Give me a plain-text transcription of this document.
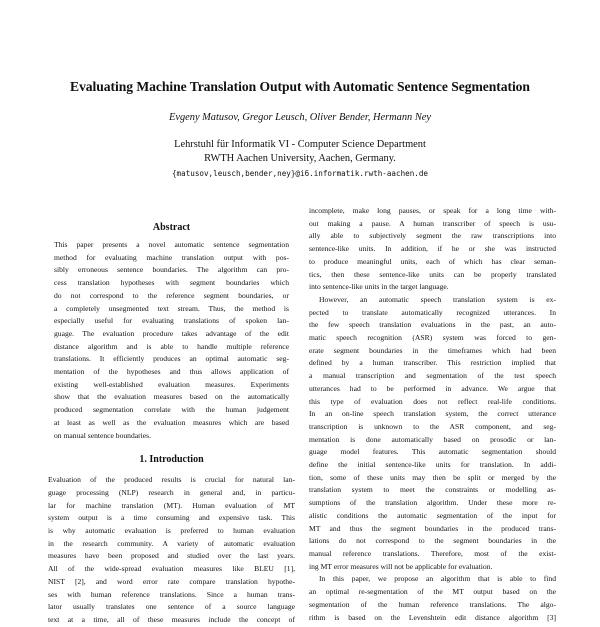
Evaluating Machine Translation Output with Automatic Sentence Segmentation
Evgeny Matusov, Gregor Leusch, Oliver Bender, Hermann Ney
Lehrstuhl für Informatik VI - Computer Science Department
RWTH Aachen University, Aachen, Germany.
{matusov,leusch,bender,ney}@i6.informatik.rwth-aachen.de
Abstract
This paper presents a novel automatic sentence segmentation
method for evaluating machine translation output with pos-
sibly erroneous sentence boundaries. The algorithm can pro-
cess translation hypotheses with segment boundaries which
do not correspond to the reference segment boundaries, or
a completely unsegmented text stream. Thus, the method is
especially useful for evaluating translations of spoken lan-
guage. The evaluation procedure takes advantage of the edit
distance algorithm and is able to handle multiple reference
translations. It efficiently produces an optimal automatic seg-
mentation of the hypotheses and thus allows application of
existing well-established evaluation measures. Experiments
show that the evaluation measures based on the automatically
produced segmentation correlate with the human judgement
at least as well as the evaluation measures which are based
on manual sentence boundaries.
1. Introduction
Evaluation of the produced results is crucial for natural lan-
guage processing (NLP) research in general and, in particu-
lar for machine translation (MT). Human evaluation of MT
system output is a time consuming and expensive task. This
is why automatic evaluation is preferred to human evaluation
in the research community. A variety of automatic evaluation
measures have been proposed and studied over the last years.
All of the wide-spread evaluation measures like BLEU [1],
NIST [2], and word error rate compare translation hypothe-
ses with human reference translations. Since a human trans-
lator usually translates one sentence of a source language
text at a time, all of these measures include the concept of
incomplete, make long pauses, or speak for a long time with-
out making a pause. A human transcriber of speech is usu-
ally able to subjectively segment the raw transcriptions into
sentence-like units. In addition, if he or she was instructed
to produce meaningful units, each of which has clear seman-
tics, then these sentence-like units can be properly translated
into sentence-like units in the target language.
However, an automatic speech translation system is ex-
pected to translate automatically recognized utterances. In
the few speech translation evaluations in the past, an auto-
matic speech recognition (ASR) system was forced to gen-
erate segment boundaries in the timeframes which had been
defined by a human transcriber. This restriction implied that
a manual transcription and segmentation of the test speech
utterances had to be performed in advance. We argue that
this type of evaluation does not reflect real-life conditions.
In an on-line speech translation system, the correct utterance
transcription is unknown to the ASR component, and seg-
mentation is done automatically based on prosodic or lan-
guage model features. This automatic segmentation should
define the initial sentence-like units for translation. In addi-
tion, some of these units may then be split or merged by the
translation system to meet the constraints or modelling as-
sumptions of the translation algorithm. Under these more re-
alistic conditions the automatic segmentation of the input for
MT and thus the segment boundaries in the produced trans-
lations do not correspond to the segment boundaries in the
manual reference translations. Therefore, most of the exist-
ing MT error measures will not be applicable for evaluation.
In this paper, we propose an algorithm that is able to find
an optimal re-segmentation of the MT output based on the
segmentation of the human reference translations. The algo-
rithm is based on the Levenshtein edit distance algorithm [3]
